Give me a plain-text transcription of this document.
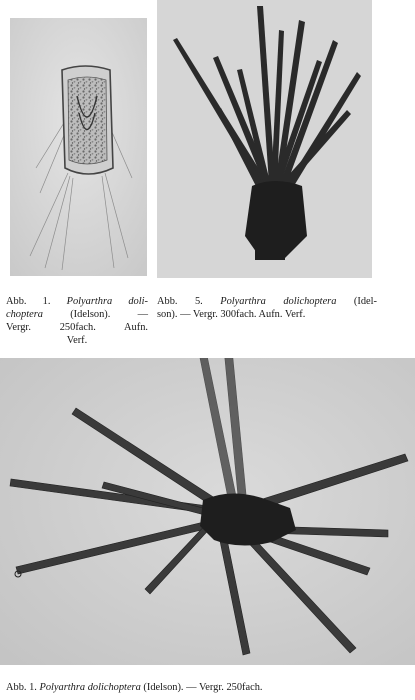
Abb. 1. Polyarthra doli-
choptera	(Idelson).	—
Vergr. 250fach. Aufn.
Verf.
Abb. 5. Polyarthra dolichoptera (Idel-
son). — Vergr. 300fach. Aufn. Verf.
Abb. 1. Polyarthra dolichoptera (Idelson). — Vergr. 250fach.
